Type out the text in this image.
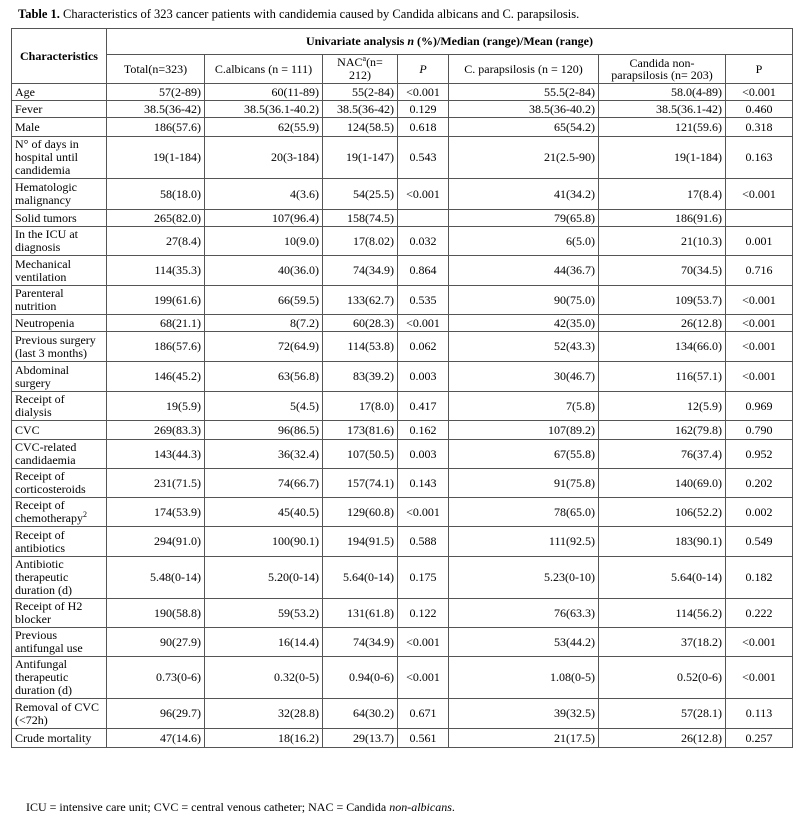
Table 1. Characteristics of 323 cancer patients with candidemia caused by Candida albicans and C. parapsilosis.
Characteristics	Univariate analysis n (%)/Median (range)/Mean (range)						
	Total(n=323)	C.albicans (n = 111)	$NAC^a(n= 212)$	P	C. parapsilosis (n = 120)	Candida non-parapsilosis (n= 203)	P
Age	57(2-89)	60(11-89)	55(2-84)	<0.001	55.5(2-84)	58.0(4-89)	<0.001
Fever	38.5(36-42)	38.5(36.1-40.2)	38.5(36-42)	0.129	38.5(36-40.2)	38.5(36.1-42)	0.460
Male	186(57.6)	62(55.9)	124(58.5)	0.618	65(54.2)	121(59.6)	0.318
N° of days in hospital until candidemia	19(1-184)	20(3-184)	19(1-147)	0.543	21(2.5-90)	19(1-184)	0.163
Hematologic malignancy	58(18.0)	4(3.6)	54(25.5)	<0.001	41(34.2)	17(8.4)	<0.001
Solid tumors	265(82.0)	107(96.4)	158(74.5)		79(65.8)	186(91.6)	
In the ICU at diagnosis	27(8.4)	10(9.0)	17(8.02)	0.032	6(5.0)	21(10.3)	0.001
Mechanical ventilation	114(35.3)	40(36.0)	74(34.9)	0.864	44(36.7)	70(34.5)	0.716
Parenteral nutrition	199(61.6)	66(59.5)	133(62.7)	0.535	90(75.0)	109(53.7)	<0.001
Neutropenia	68(21.1)	8(7.2)	60(28.3)	<0.001	42(35.0)	26(12.8)	<0.001
Previous surgery (last 3 months)	186(57.6)	72(64.9)	114(53.8)	0.062	52(43.3)	134(66.0)	<0.001
Abdominal surgery	146(45.2)	63(56.8)	83(39.2)	0.003	30(46.7)	116(57.1)	<0.001
Receipt of dialysis	19(5.9)	5(4.5)	17(8.0)	0.417	7(5.8)	12(5.9)	0.969
CVC	269(83.3)	96(86.5)	173(81.6)	0.162	107(89.2)	162(79.8)	0.790
CVC-related candidaemia	143(44.3)	36(32.4)	107(50.5)	0.003	67(55.8)	76(37.4)	0.952
Receipt of corticosteroids	231(71.5)	74(66.7)	157(74.1)	0.143	91(75.8)	140(69.0)	0.202
Receipt of chemotherapy$^2$	174(53.9)	45(40.5)	129(60.8)	<0.001	78(65.0)	106(52.2)	0.002
Receipt of antibiotics	294(91.0)	100(90.1)	194(91.5)	0.588	111(92.5)	183(90.1)	0.549
Antibiotic therapeutic duration (d)	5.48(0-14)	5.20(0-14)	5.64(0-14)	0.175	5.23(0-10)	5.64(0-14)	0.182
Receipt of H2 blocker	190(58.8)	59(53.2)	131(61.8)	0.122	76(63.3)	114(56.2)	0.222
Previous antifungal use	90(27.9)	16(14.4)	74(34.9)	<0.001	53(44.2)	37(18.2)	<0.001
Antifungal therapeutic duration (d)	0.73(0-6)	0.32(0-5)	0.94(0-6)	<0.001	1.08(0-5)	0.52(0-6)	<0.001
Removal of CVC (<72h)	96(29.7)	32(28.8)	64(30.2)	0.671	39(32.5)	57(28.1)	0.113
Crude mortality	47(14.6)	18(16.2)	29(13.7)	0.561	21(17.5)	26(12.8)	0.257
ICU = intensive care unit; CVC = central venous catheter; NAC = Candida non-albicans.
